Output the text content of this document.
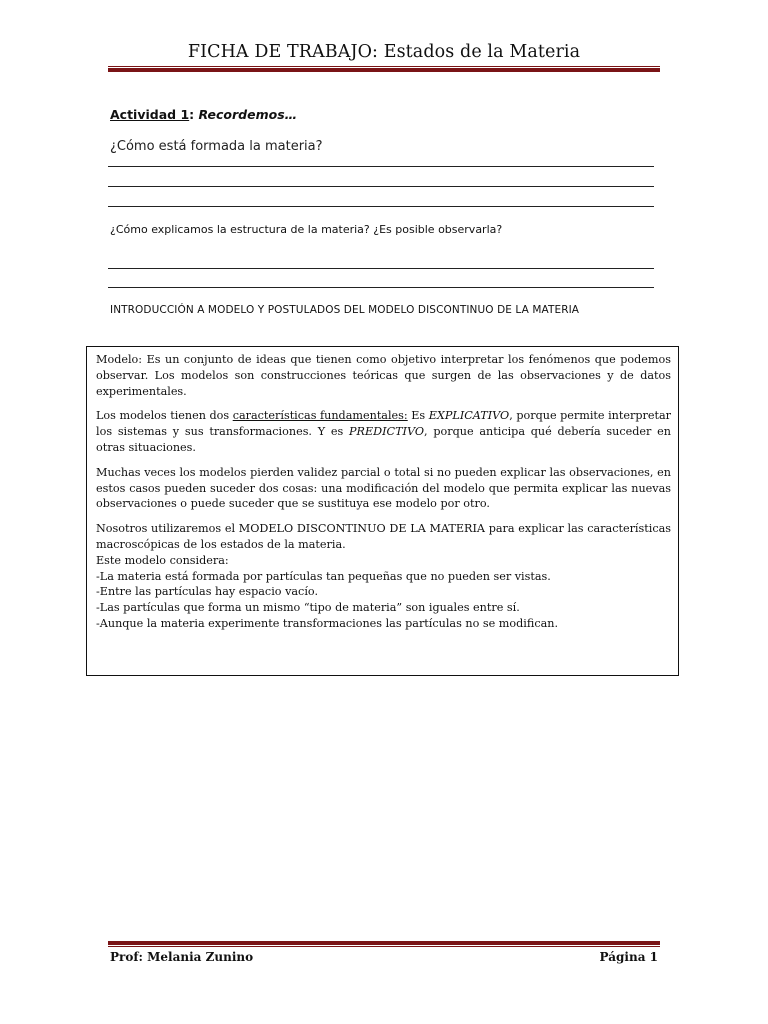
FICHA DE TRABAJO: Estados de la Materia
Actividad 1: Recordemos…
¿Cómo está formada la materia?
¿Cómo explicamos la estructura de la materia? ¿Es posible observarla?
INTRODUCCIÓN A MODELO Y POSTULADOS DEL MODELO DISCONTINUO DE LA MATERIA

Modelo: Es un conjunto de ideas que tienen como objetivo interpretar los fenómenos que podemos observar. Los modelos son construcciones teóricas que surgen de las observaciones y de datos experimentales.

Los modelos tienen dos características fundamentales: Es EXPLICATIVO, porque permite interpretar los sistemas y sus transformaciones. Y es PREDICTIVO, porque anticipa qué debería suceder en otras situaciones.

Muchas veces los modelos pierden validez parcial o total si no pueden explicar las observaciones, en estos casos pueden suceder dos cosas: una modificación del modelo que permita explicar las nuevas observaciones o puede suceder que se sustituya ese modelo por otro.

Nosotros utilizaremos el MODELO DISCONTINUO DE LA MATERIA para explicar las características macroscópicas de los estados de la materia.

Este modelo considera:
-La materia está formada por partículas tan pequeñas que no pueden ser vistas.
-Entre las partículas hay espacio vacío.
-Las partículas que forma un mismo “tipo de materia” son iguales entre sí.
-Aunque la materia experimente transformaciones las partículas no se modifican.
Prof: Melania Zunino	Página 1
